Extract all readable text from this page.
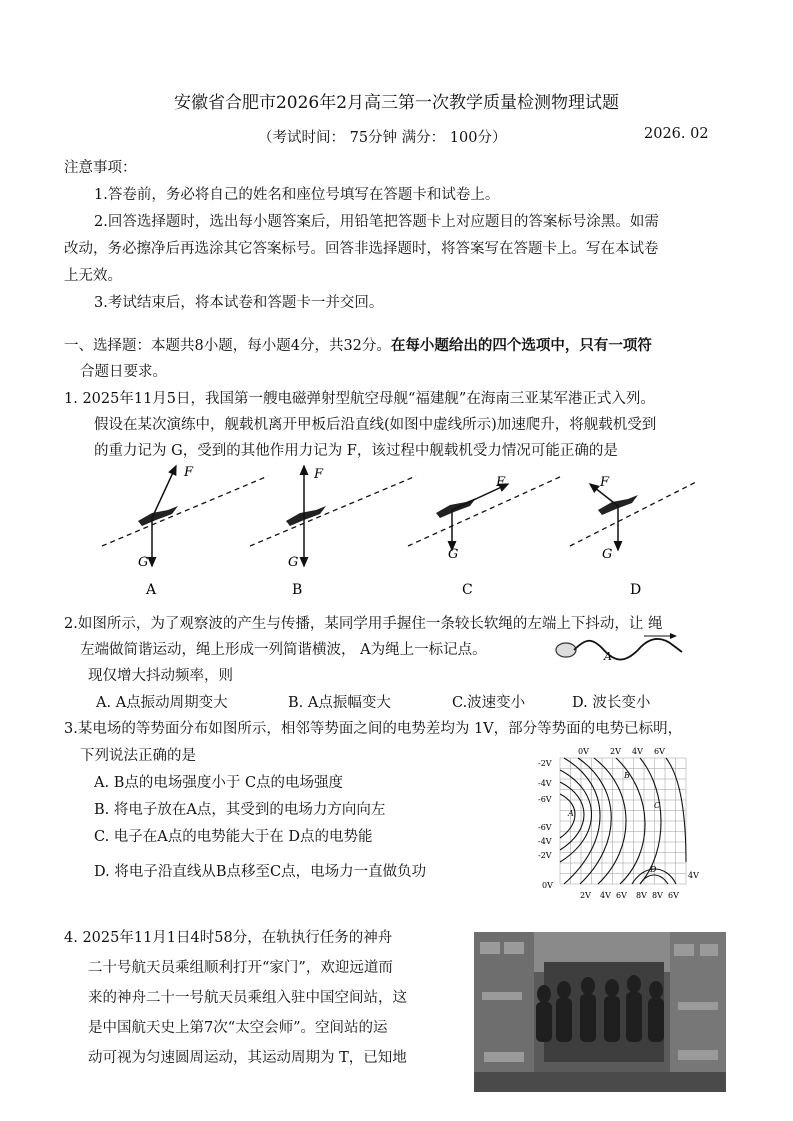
安徽省合肥市2026年2月高三第一次教学质量检测物理试题
（考试时间： 75分钟 满分： 100分）	2026. 02
注意事项：
1.答卷前，务必将自己的姓名和座位号填写在答题卡和试卷上。
2.回答选择题时，选出每小题答案后，用铅笔把答题卡上对应题目的答案标号涂黑。如需
改动，务必擦净后再选涂其它答案标号。回答非选择题时，将答案写在答题卡上。写在本试卷
上无效。
3.考试结束后，将本试卷和答题卡一并交回。
一、选择题：本题共8小题，每小题4分，共32分。在每小题给出的四个选项中，只有一项符
合题日要求。
1. 2025年11月5日，我国第一艘电磁弹射型航空母舰“福建舰”在海南三亚某军港正式入列。
假设在某次演练中，舰载机离开甲板后沿直线(如图中虚线所示)加速爬升，将舰载机受到
的重力记为 G，受到的其他作用力记为 F，该过程中舰载机受力情况可能正确的是
F
G
A
F
G
B
F
G
C
F
G
D
2.如图所示，为了观察波的产生与传播，某同学用手握住一条较长软绳的左端上下抖动，让 绳
左端做简谐运动，绳上形成一列简谐横波， A为绳上一标记点。
现仅增大抖动频率，则
A. A点振动周期变大	B. A点振幅变大	C.波速变小	D. 波长变小
A
3.某电场的等势面分布如图所示，相邻等势面之间的电势差均为 1V，部分等势面的电势已标明，
下列说法正确的是
A. B点的电场强度小于 C点的电场强度
B. 将电子放在A点，其受到的电场力方向向左
C. 电子在A点的电势能大于在 D点的电势能
D. 将电子沿直线从B点移至C点，电场力一直做负功
0V	2V 4V 6V
-2V
-4V
-6V
-6V
-4V
-2V
0V
2V 4V 6V 8V 8V 6V
4V
A
B
C
D
4. 2025年11月1日4时58分，在轨执行任务的神舟
二十号航天员乘组顺利打开“家门”，欢迎远道而
来的神舟二十一号航天员乘组入驻中国空间站，这
是中国航天史上第7次“太空会师”。空间站的运
动可视为匀速圆周运动，其运动周期为 T，已知地
